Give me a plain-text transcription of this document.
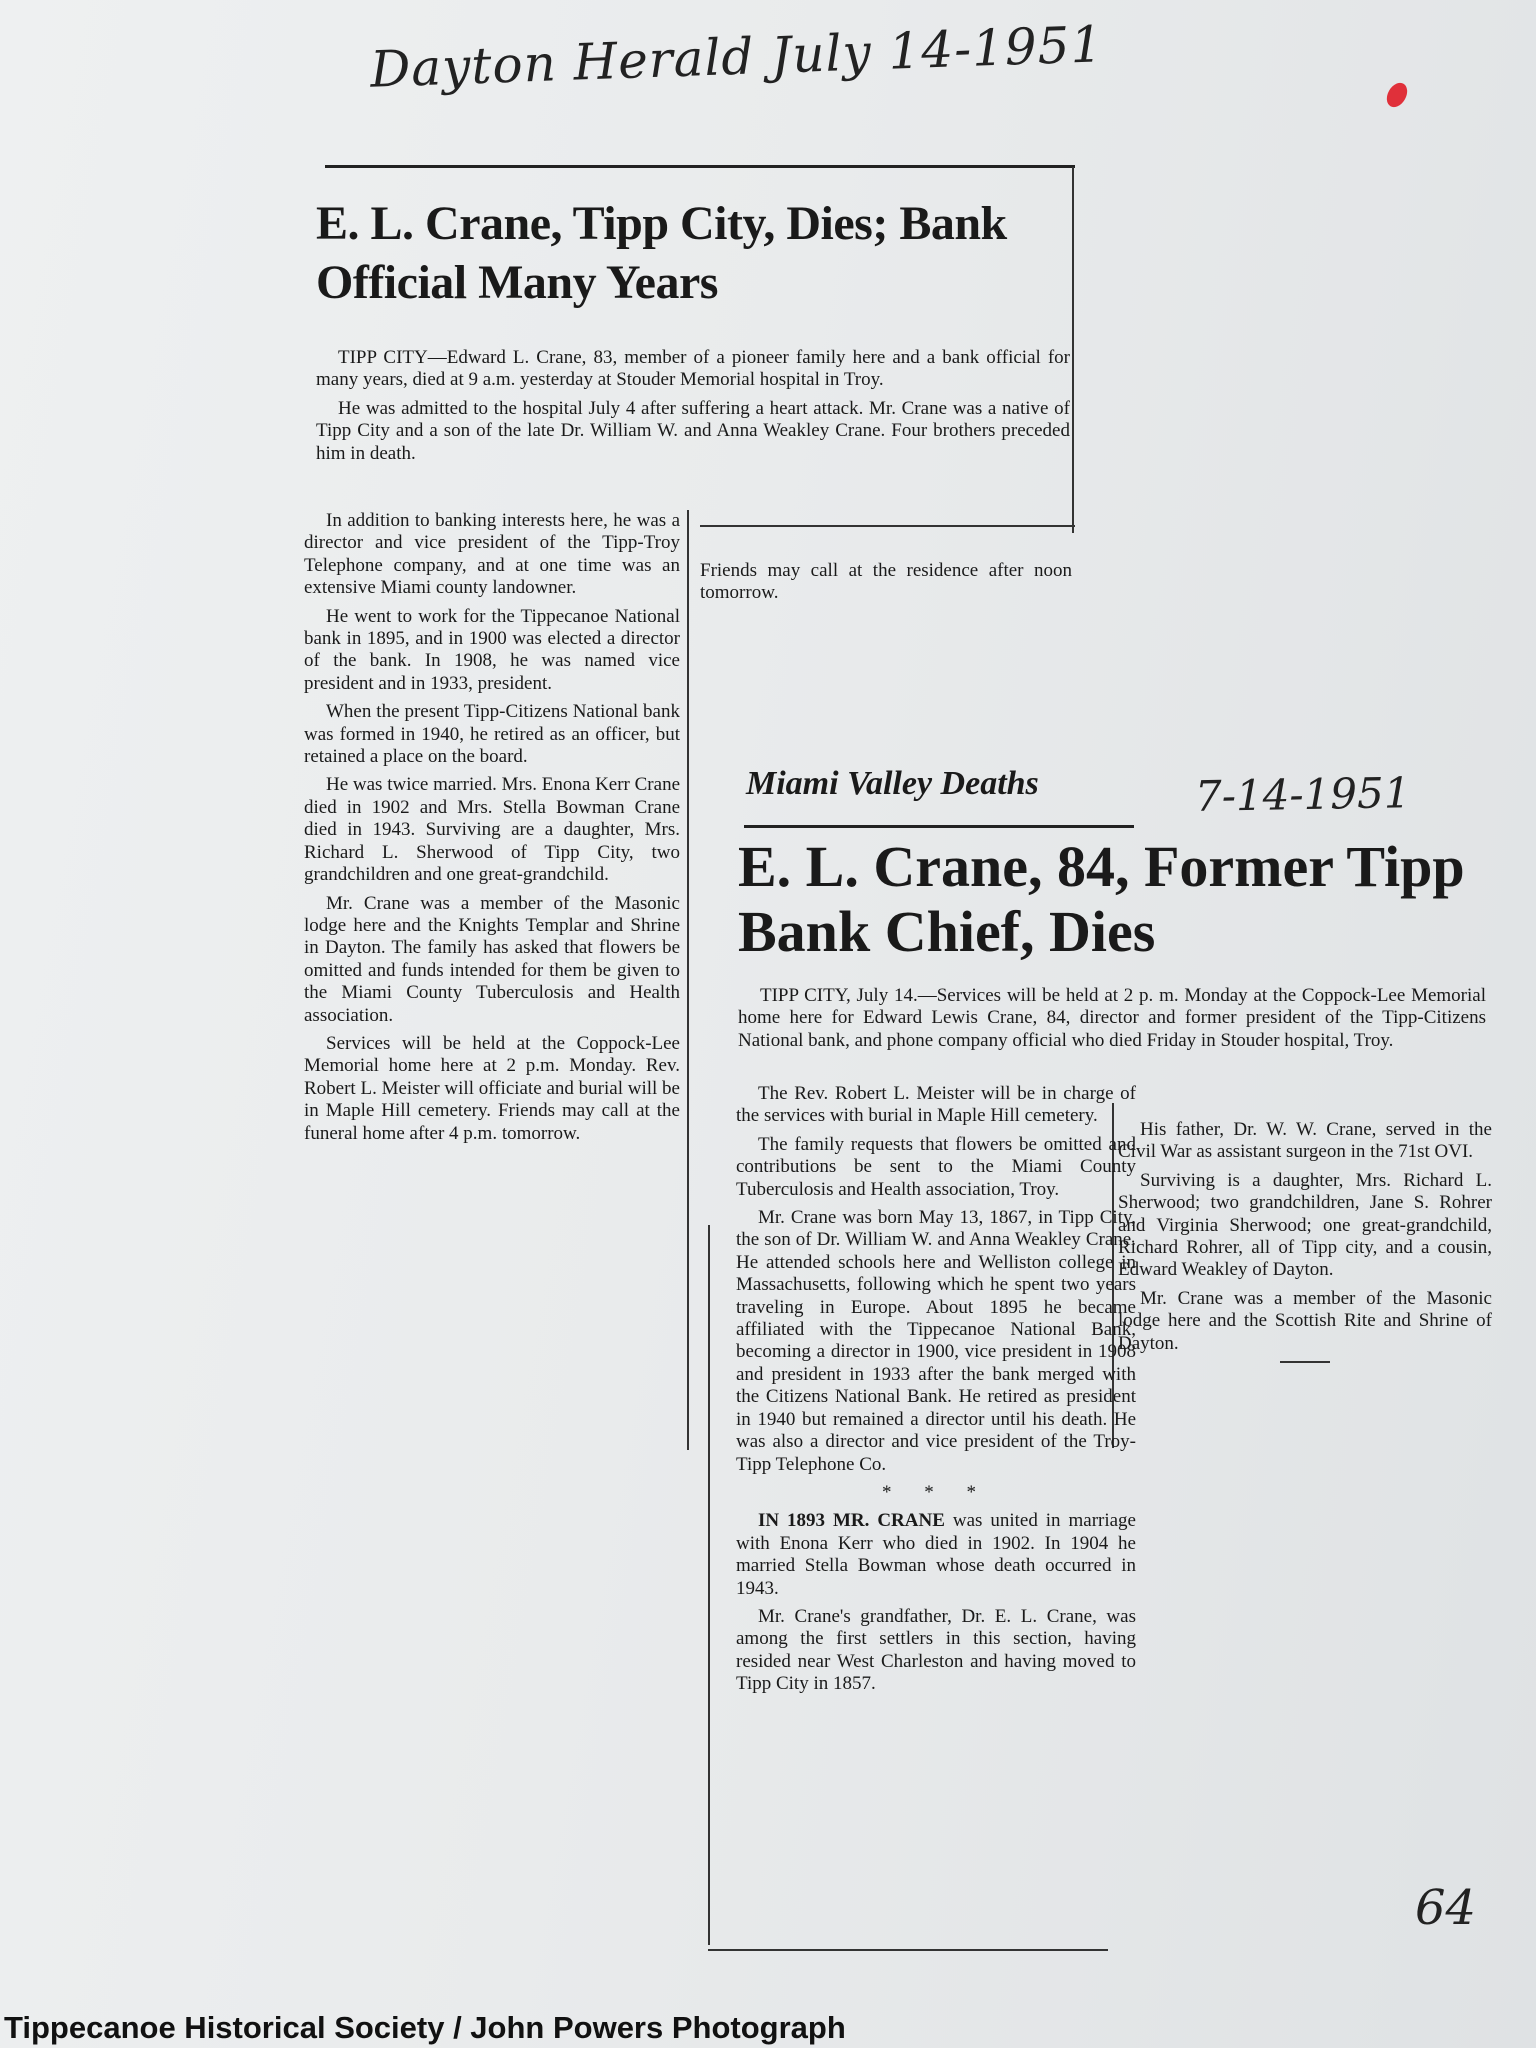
Dayton Herald July 14-1951
E. L. Crane, Tipp City, Dies; Bank Official Many Years

TIPP CITY—Edward L. Crane, 83, member of a pioneer family here and a bank official for many years, died at 9 a.m. yesterday at Stouder Memorial hospital in Troy.

He was admitted to the hospital July 4 after suffering a heart attack. Mr. Crane was a native of Tipp City and a son of the late Dr. William W. and Anna Weakley Crane. Four brothers preceded him in death.

In addition to banking interests here, he was a director and vice president of the Tipp-Troy Telephone company, and at one time was an extensive Miami county landowner.

He went to work for the Tippecanoe National bank in 1895, and in 1900 was elected a director of the bank. In 1908, he was named vice president and in 1933, president.

When the present Tipp-Citizens National bank was formed in 1940, he retired as an officer, but retained a place on the board.

He was twice married. Mrs. Enona Kerr Crane died in 1902 and Mrs. Stella Bowman Crane died in 1943. Surviving are a daughter, Mrs. Richard L. Sherwood of Tipp City, two grandchildren and one great-grandchild.

Mr. Crane was a member of the Masonic lodge here and the Knights Templar and Shrine in Dayton. The family has asked that flowers be omitted and funds intended for them be given to the Miami County Tuberculosis and Health association.

Services will be held at the Coppock-Lee Memorial home here at 2 p.m. Monday. Rev. Robert L. Meister will officiate and burial will be in Maple Hill cemetery. Friends may call at the funeral home after 4 p.m. tomorrow.

Friends may call at the residence after noon tomorrow.
Miami Valley Deaths
E. L. Crane, 84, Former Tipp Bank Chief, Dies

TIPP CITY, July 14.—Services will be held at 2 p. m. Monday at the Coppock-Lee Memorial home here for Edward Lewis Crane, 84, director and former president of the Tipp-Citizens National bank, and phone company official who died Friday in Stouder hospital, Troy.

The Rev. Robert L. Meister will be in charge of the services with burial in Maple Hill cemetery.

The family requests that flowers be omitted and contributions be sent to the Miami County Tuberculosis and Health association, Troy.

Mr. Crane was born May 13, 1867, in Tipp City, the son of Dr. William W. and Anna Weakley Crane. He attended schools here and Welliston college in Massachusetts, following which he spent two years traveling in Europe. About 1895 he became affiliated with the Tippecanoe National Bank, becoming a director in 1900, vice president in 1908 and president in 1933 after the bank merged with the Citizens National Bank. He retired as president in 1940 but remained a director until his death. He was also a director and vice president of the Troy-Tipp Telephone Co.

* * *

IN 1893 MR. CRANE was united in marriage with Enona Kerr who died in 1902. In 1904 he married Stella Bowman whose death occurred in 1943.

Mr. Crane's grandfather, Dr. E. L. Crane, was among the first settlers in this section, having resided near West Charleston and having moved to Tipp City in 1857.

His father, Dr. W. W. Crane, served in the Civil War as assistant surgeon in the 71st OVI.

Surviving is a daughter, Mrs. Richard L. Sherwood; two grandchildren, Jane S. Rohrer and Virginia Sherwood; one great-grandchild, Richard Rohrer, all of Tipp city, and a cousin, Edward Weakley of Dayton.

Mr. Crane was a member of the Masonic lodge here and the Scottish Rite and Shrine of Dayton.

7-14-1951
64
Tippecanoe Historical Society / John Powers Photograph
